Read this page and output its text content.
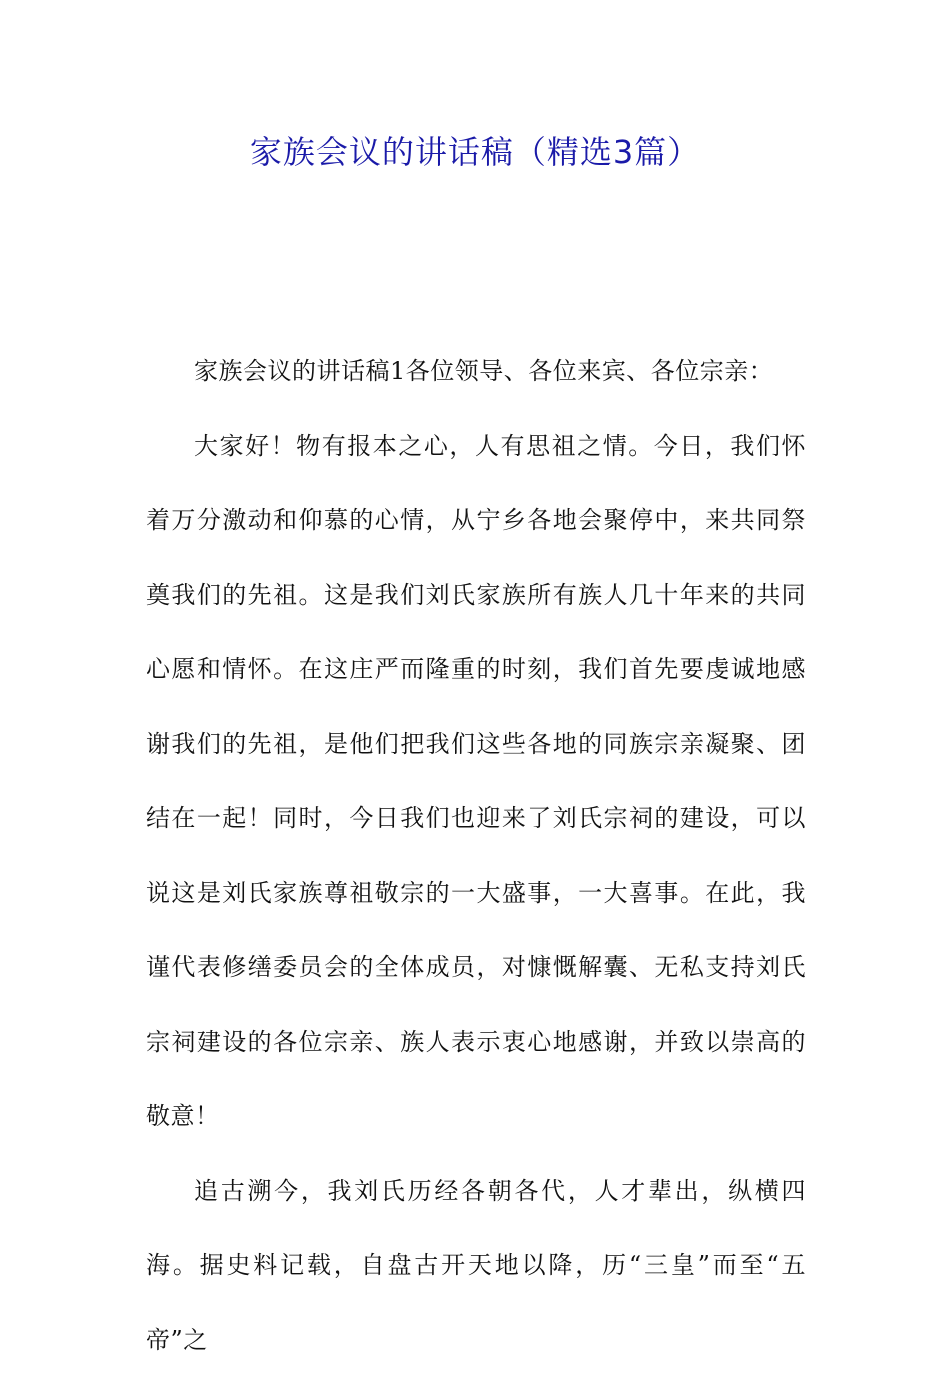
家族会议的讲话稿（精选3篇）

家族会议的讲话稿1各位领导、各位来宾、各位宗亲：

大家好！物有报本之心，人有思祖之情。今日，我们怀着万分激动和仰慕的心情，从宁乡各地会聚停中，来共同祭奠我们的先祖。这是我们刘氏家族所有族人几十年来的共同心愿和情怀。在这庄严而隆重的时刻，我们首先要虔诚地感谢我们的先祖，是他们把我们这些各地的同族宗亲凝聚、团结在一起！同时，今日我们也迎来了刘氏宗祠的建设，可以说这是刘氏家族尊祖敬宗的一大盛事，一大喜事。在此，我谨代表修缮委员会的全体成员，对慷慨解囊、无私支持刘氏宗祠建设的各位宗亲、族人表示衷心地感谢，并致以崇高的敬意！

追古溯今，我刘氏历经各朝各代，人才辈出，纵横四海。据史料记载，自盘古开天地以降，历“三皇”而至“五帝”之
